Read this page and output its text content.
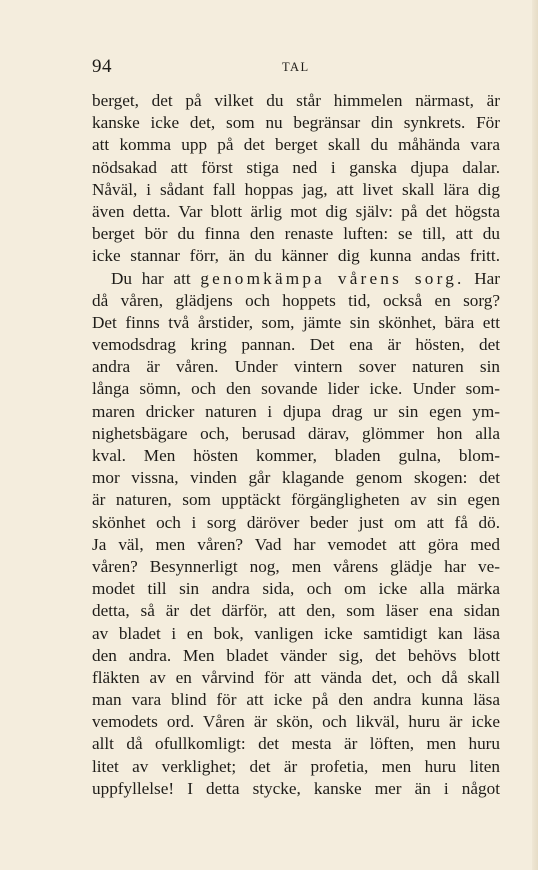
94	TAL
berget, det på vilket du står himmelen närmast, är
kanske icke det, som nu begränsar din synkrets. För
att komma upp på det berget skall du måhända vara
nödsakad att först stiga ned i ganska djupa dalar.
Nåväl, i sådant fall hoppas jag, att livet skall lära dig
även detta. Var blott ärlig mot dig själv: på det högsta
berget bör du finna den renaste luften: se till, att du
icke stannar förr, än du känner dig kunna andas fritt.
Du har att genomkämpa vårens sorg. Har
då våren, glädjens och hoppets tid, också en sorg?
Det finns två årstider, som, jämte sin skönhet, bära ett
vemodsdrag kring pannan. Det ena är hösten, det
andra är våren. Under vintern sover naturen sin
långa sömn, och den sovande lider icke. Under som-
maren dricker naturen i djupa drag ur sin egen ym-
nighetsbägare och, berusad därav, glömmer hon alla
kval. Men hösten kommer, bladen gulna, blom-
mor vissna, vinden går klagande genom skogen: det
är naturen, som upptäckt förgängligheten av sin egen
skönhet och i sorg däröver beder just om att få dö.
Ja väl, men våren? Vad har vemodet att göra med
våren? Besynnerligt nog, men vårens glädje har ve-
modet till sin andra sida, och om icke alla märka
detta, så är det därför, att den, som läser ena sidan
av bladet i en bok, vanligen icke samtidigt kan läsa
den andra. Men bladet vänder sig, det behövs blott
fläkten av en vårvind för att vända det, och då skall
man vara blind för att icke på den andra kunna läsa
vemodets ord. Våren är skön, och likväl, huru är icke
allt då ofullkomligt: det mesta är löften, men huru
litet av verklighet; det är profetia, men huru liten
uppfyllelse! I detta stycke, kanske mer än i något
